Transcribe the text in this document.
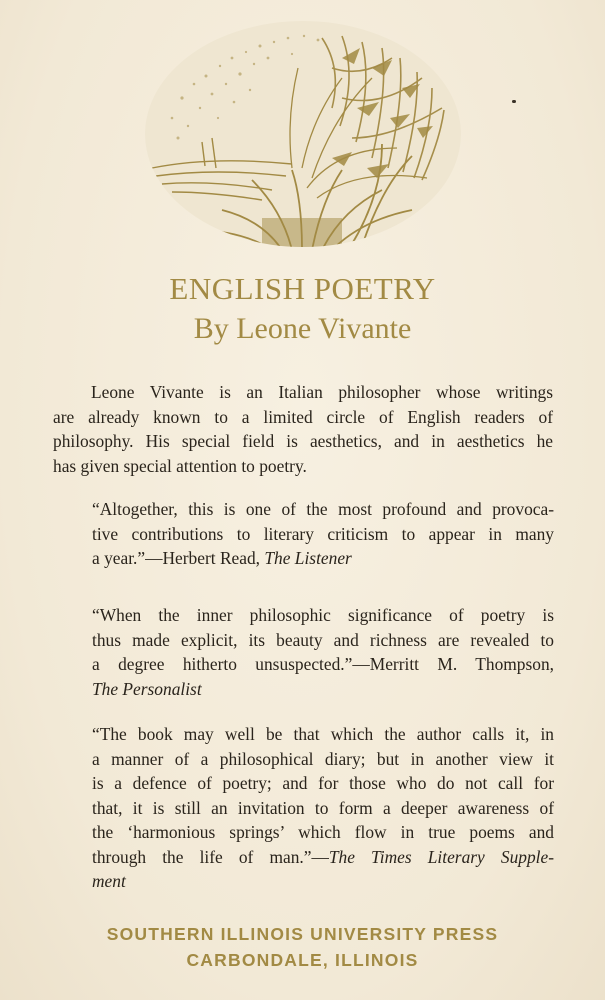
ENGLISH POETRY
By Leone Vivante
Leone Vivante is an Italian philosopher whose writings
are already known to a limited circle of English readers of
philosophy. His special field is aesthetics, and in aesthetics he
has given special attention to poetry.
“Altogether, this is one of the most profound and provoca-
tive contributions to literary criticism to appear in many
a year.”—Herbert Read, The Listener
“When the inner philosophic significance of poetry is
thus made explicit, its beauty and richness are revealed to
a degree hitherto unsuspected.”—Merritt M. Thompson,
The Personalist
“The book may well be that which the author calls it, in
a manner of a philosophical diary; but in another view it
is a defence of poetry; and for those who do not call for
that, it is still an invitation to form a deeper awareness of
the ‘harmonious springs’ which flow in true poems and
through the life of man.”—The Times Literary Supple-
ment
SOUTHERN ILLINOIS UNIVERSITY PRESS
CARBONDALE, ILLINOIS
